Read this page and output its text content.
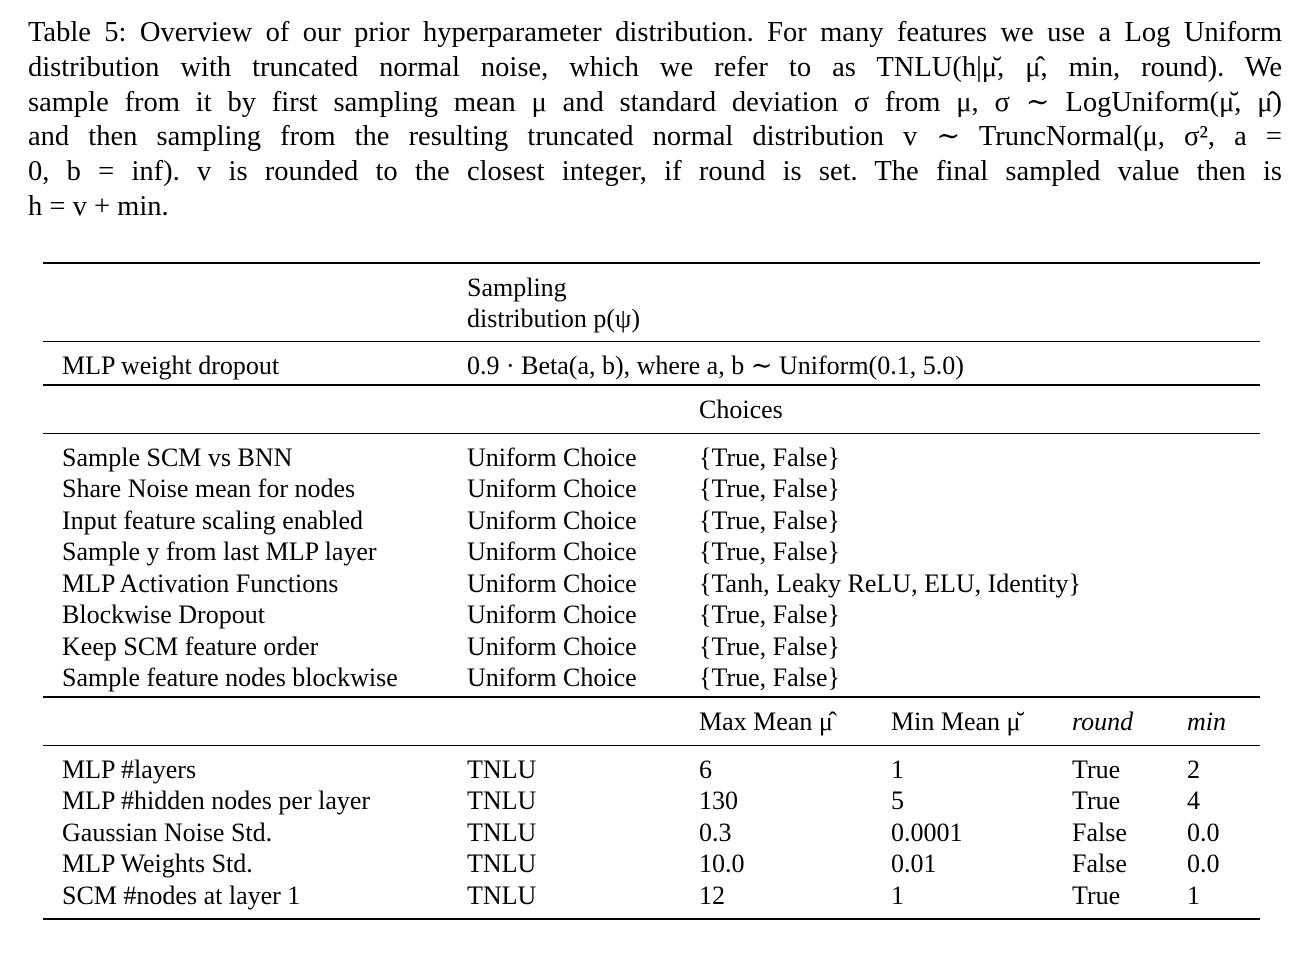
Table 5: Overview of our prior hyperparameter distribution. For many features we use a Log Uniform
distribution with truncated normal noise, which we refer to as TNLU(h|μ̆, μ̂, min, round). We
sample from it by first sampling mean μ and standard deviation σ from μ, σ ∼ LogUniform(μ̆, μ̂)
and then sampling from the resulting truncated normal distribution v ∼ TruncNormal(μ, σ², a =
0, b = inf). v is rounded to the closest integer, if round is set. The final sampled value then is
h = v + min.
Sampling
distribution p(ψ)
MLP weight dropout	0.9 · Beta(a, b), where a, b ∼ Uniform(0.1, 5.0)
Choices
Sample SCM vs BNN	Uniform Choice {True, False}
Share Noise mean for nodes	Uniform Choice {True, False}
Input feature scaling enabled	Uniform Choice {True, False}
Sample y from last MLP layer	Uniform Choice {True, False}
MLP Activation Functions	Uniform Choice {Tanh, Leaky ReLU, ELU, Identity}
Blockwise Dropout	Uniform Choice {True, False}
Keep SCM feature order	Uniform Choice {True, False}
Sample feature nodes blockwise	Uniform Choice {True, False}
Max Mean μ̂ Min Mean μ̆ round min
MLP #layers	TNLU	6	1	True	2
MLP #hidden nodes per layer	TNLU	130	5	True	4
Gaussian Noise Std.	TNLU	0.3	0.0001	False 0.0
MLP Weights Std.	TNLU	10.0	0.01	False 0.0
SCM #nodes at layer 1	TNLU	12	1	True	1
